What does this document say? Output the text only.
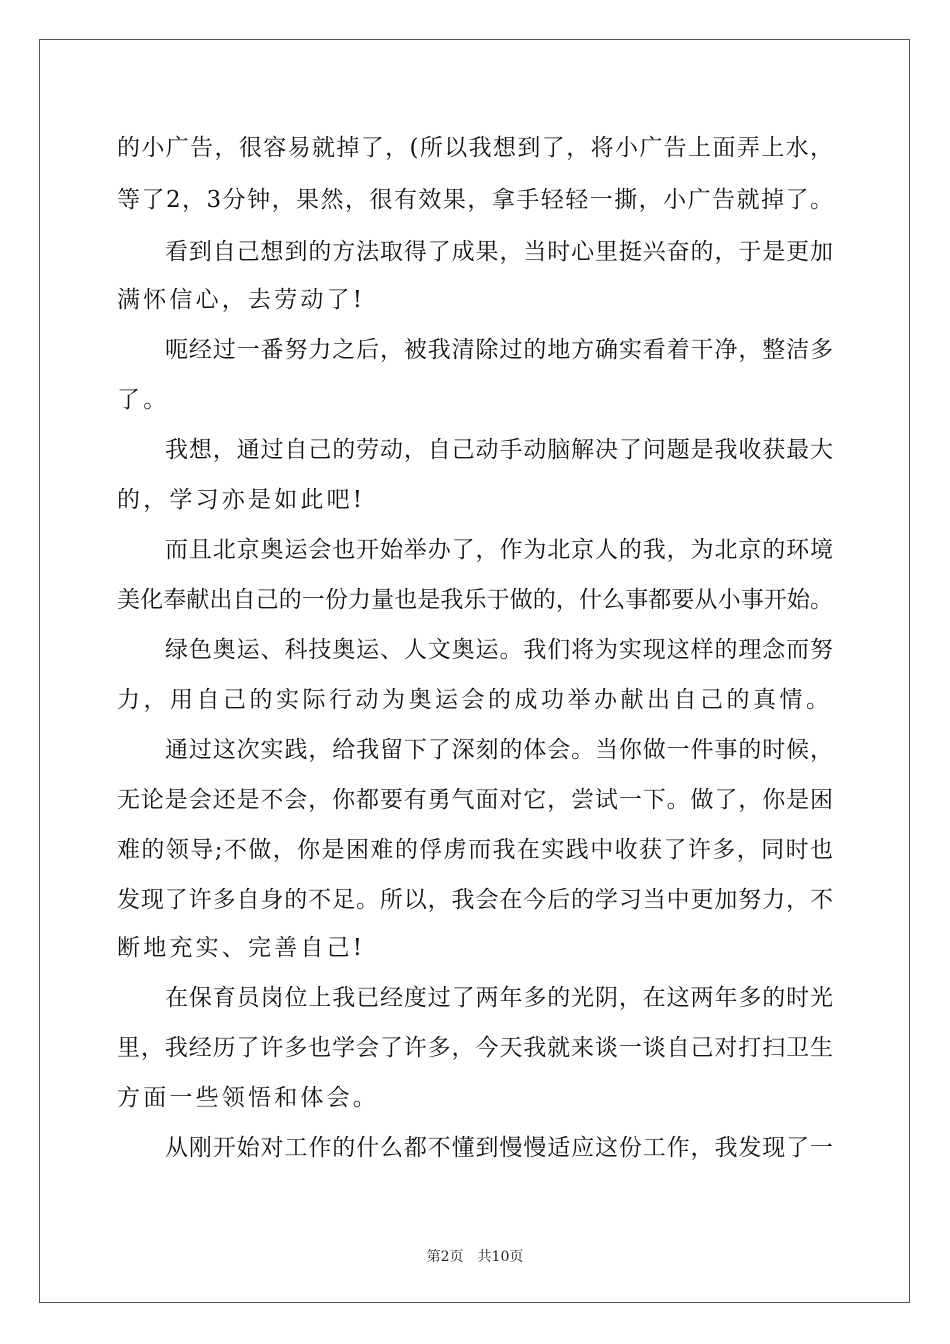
的小广告，很容易就掉了，(所以我想到了，将小广告上面弄上水，
等了2，3分钟，果然，很有效果，拿手轻轻一撕，小广告就掉了。
看到自己想到的方法取得了成果，当时心里挺兴奋的，于是更加
满怀信心，去劳动了!
呃经过一番努力之后，被我清除过的地方确实看着干净，整洁多
了。
我想，通过自己的劳动，自己动手动脑解决了问题是我收获最大
的，学习亦是如此吧!
而且北京奥运会也开始举办了，作为北京人的我，为北京的环境
美化奉献出自己的一份力量也是我乐于做的，什么事都要从小事开始。
绿色奥运、科技奥运、人文奥运。我们将为实现这样的理念而努
力，用自己的实际行动为奥运会的成功举办献出自己的真情。
通过这次实践，给我留下了深刻的体会。当你做一件事的时候，
无论是会还是不会，你都要有勇气面对它，尝试一下。做了，你是困
难的领导;不做，你是困难的俘虏而我在实践中收获了许多，同时也
发现了许多自身的不足。所以，我会在今后的学习当中更加努力，不
断地充实、完善自己!
在保育员岗位上我已经度过了两年多的光阴，在这两年多的时光
里，我经历了许多也学会了许多，今天我就来谈一谈自己对打扫卫生
方面一些领悟和体会。
从刚开始对工作的什么都不懂到慢慢适应这份工作，我发现了一
第2页 共10页
